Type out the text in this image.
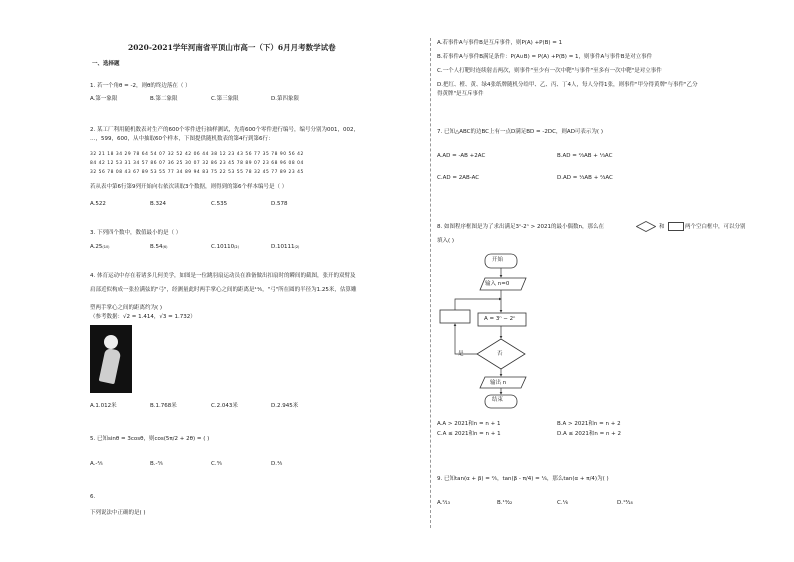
2020-2021学年河南省平顶山市高一（下）6月月考数学试卷
一、选择题
1. 若一个角θ = -2，则θ的终边落在（ ）
A.第一象限	B.第二象限	C.第三象限	D.第四象限
2. 某工厂利用随机数表对生产的600个零件进行抽样测试，先将600个零件进行编号，编号分别为001，002，
…，599，600，从中抽取60个样本，下图提供随机数表的第4行到第6行：
32 21 18 34 29 78 64 54 07 32 52 42 06 44 38 12 23 43 56 77 35 78 90 56 42
84 42 12 53 31 34 57 86 07 36 25 30 07 32 86 23 45 78 89 07 23 68 96 08 04
32 56 78 08 43 67 89 53 55 77 34 89 94 83 75 22 53 55 78 32 45 77 89 23 45
若从表中第6行第9列开始向右依次读取3个数据，则得到的第6个样本编号是（ ）
A.522	B.324	C.535	D.578
3. 下列四个数中，数值最小的是（ ）
A.25₍₁₀₎	B.54₍₆₎	C.10110₍₂₎	D.10111₍₂₎
4. 体育运动中存在着诸多几何美学，如图是一位跳羽扇运动员在准备做出扣扇时的瞬间的截图，张开的双臂及
肩部近似构成一张拉满弦的"弓"，经测量此时两手掌心之间的距离是¹⁴⁄₅，"弓"所在圆的半径为1.25米，估算雕
塑两手掌心之间的距离约为( )
（参考数据：√2 = 1.414，√3 = 1.732）
A.1.012米	B.1.768米	C.2.043米	D.2.945米
5. 已知sinθ = 3cosθ，则cos(5π/2 + 2θ) = ( )
A.-⁴⁄₅	B.-³⁄₅	C.³⁄₅	D.⁴⁄₅
6.
下列说法中正确的是( )
A.若事件A与事件B是互斥事件，则P(A) +P(B) = 1
B.若事件A与事件B满足条件：P(A∪B) = P(A) +P(B) = 1，则事件A与事件B是对立事件
C.一个人打靶时连续射击两次，则事件"至少有一次中靶"与事件"至多有一次中靶"是对立事件
D.把红、橙、黄、绿4张纸牌随机分给甲、乙、丙、丁4人，每人分得1张，则事件"甲分得黄牌"与事件"乙分
得黄牌"是互斥事件
7. 已知△ABC的边BC上有一点D满足BD = -2DC，则AD可表示为( )
A.AD = -AB +2AC	B.AD = ²⁄₃AB + ¹⁄₃AC
C.AD = 2AB-AC	D.AD = ¹⁄₃AB + ²⁄₃AC
8. 如图程序框图是为了求出满足3ⁿ-2ⁿ > 2021的最小偶数n，那么在	和	两个空白框中，可以分别
填入( )
开始
输入 n=0
A = 3ⁿ − 2ⁿ
是	否
输出 n
结束
A.A > 2021和n = n + 1	B.A > 2021和n = n + 2
C.A ≤ 2021和n = n + 1	D.A ≤ 2021和n = n + 2
9. 已知tan(α + β) = ²⁄₅，tan(β - π/4) = ¹⁄₄，那么tan(α + π/4)为( )
A.²⁄₁₃	B.¹³⁄₂₂	C.¹⁄₆	D.¹³⁄₁₈
